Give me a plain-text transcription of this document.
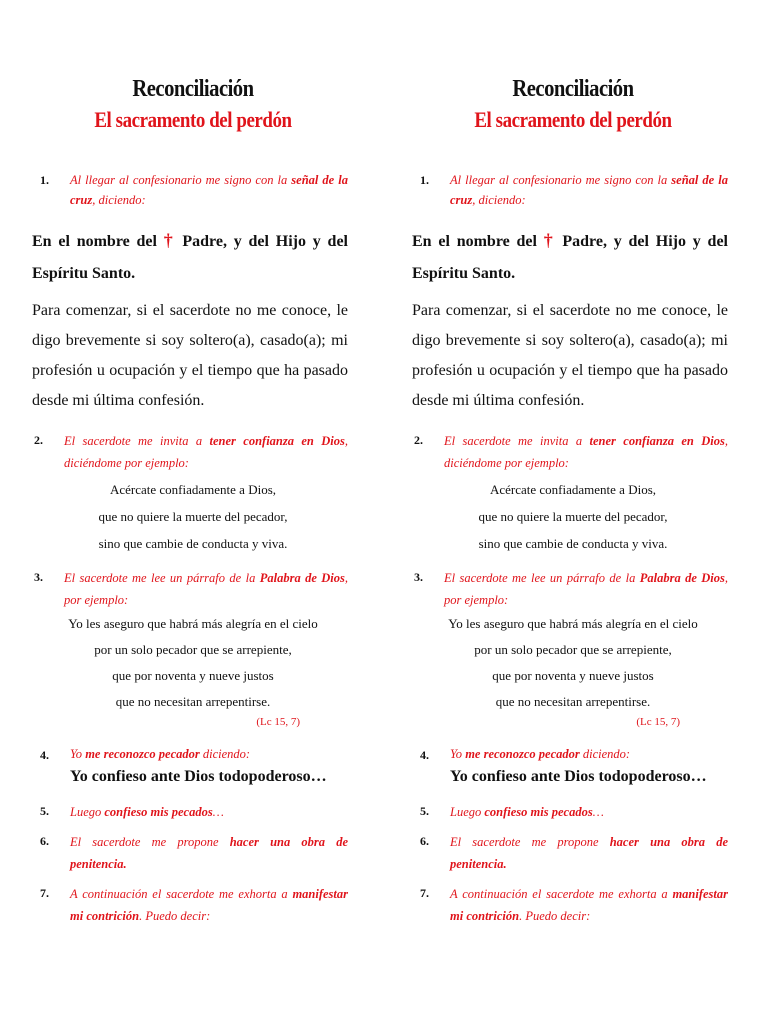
Reconciliación
El sacramento del perdón
1.	Al llegar al confesionario me signo con la señal de la cruz, diciendo:
En el nombre del † Padre, y del Hijo y del Espíritu Santo.
Para comenzar, si el sacerdote no me conoce, le digo brevemente si soy soltero(a), casado(a); mi profesión u ocupación y el tiempo que ha pasado desde mi última confesión.
2.	El sacerdote me invita a tener confianza en Dios, diciéndome por ejemplo:
Acércate confiadamente a Dios,
que no quiere la muerte del pecador,
sino que cambie de conducta y viva.
3.	El sacerdote me lee un párrafo de la Palabra de Dios, por ejemplo:
Yo les aseguro que habrá más alegría en el cielo
por un solo pecador que se arrepiente,
que por noventa y nueve justos
que no necesitan arrepentirse.
(Lc 15, 7)
4.	Yo me reconozco pecador diciendo:
Yo confieso ante Dios todopoderoso…
5.	Luego confieso mis pecados…
6.	El sacerdote me propone hacer una obra de penitencia.
7.	A continuación el sacerdote me exhorta a manifestar mi contrición. Puedo decir:
Reconciliación
El sacramento del perdón
1.	Al llegar al confesionario me signo con la señal de la cruz, diciendo:
En el nombre del † Padre, y del Hijo y del Espíritu Santo.
Para comenzar, si el sacerdote no me conoce, le digo brevemente si soy soltero(a), casado(a); mi profesión u ocupación y el tiempo que ha pasado desde mi última confesión.
2.	El sacerdote me invita a tener confianza en Dios, diciéndome por ejemplo:
Acércate confiadamente a Dios,
que no quiere la muerte del pecador,
sino que cambie de conducta y viva.
3.	El sacerdote me lee un párrafo de la Palabra de Dios, por ejemplo:
Yo les aseguro que habrá más alegría en el cielo
por un solo pecador que se arrepiente,
que por noventa y nueve justos
que no necesitan arrepentirse.
(Lc 15, 7)
4.	Yo me reconozco pecador diciendo:
Yo confieso ante Dios todopoderoso…
5.	Luego confieso mis pecados…
6.	El sacerdote me propone hacer una obra de penitencia.
7.	A continuación el sacerdote me exhorta a manifestar mi contrición. Puedo decir:
